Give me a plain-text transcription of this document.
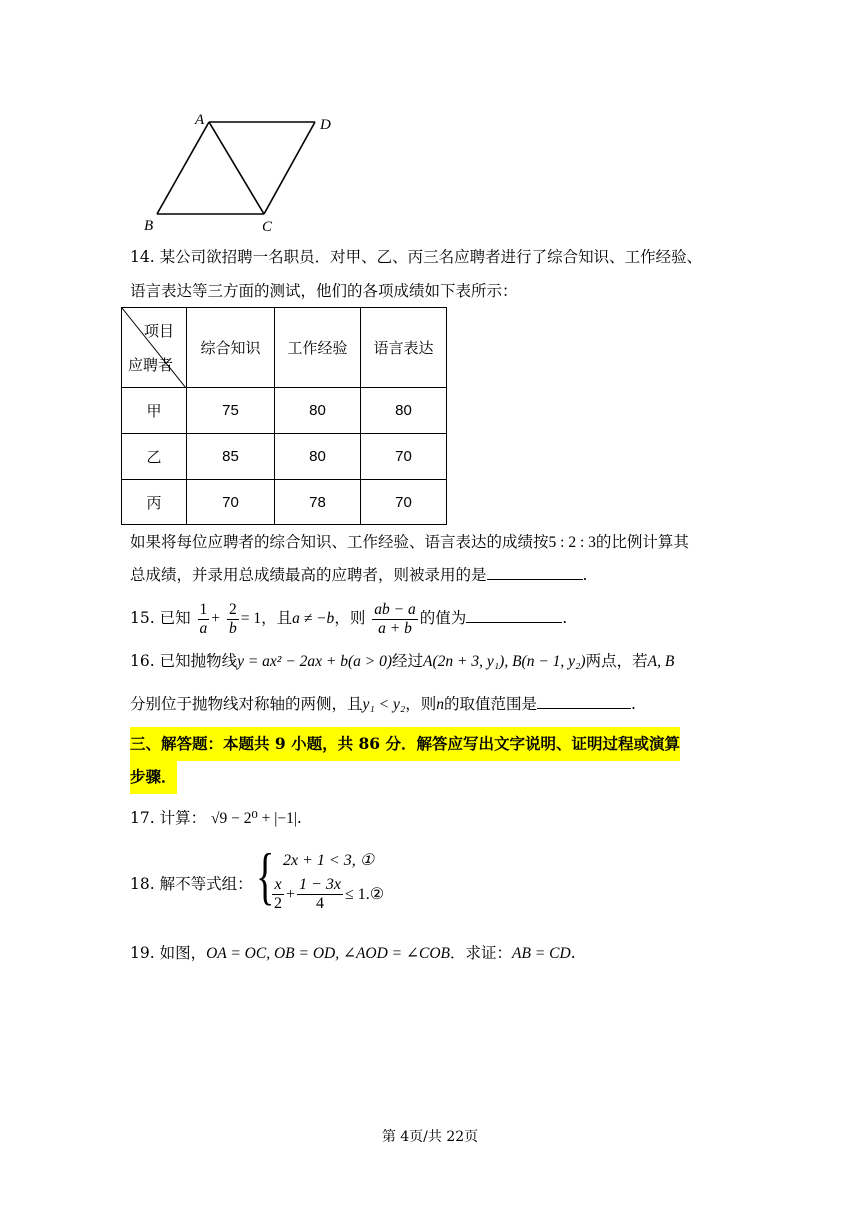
A	D
B	C
14. 某公司欲招聘一名职员．对甲、乙、丙三名应聘者进行了综合知识、工作经验、
语言表达等三方面的测试，他们的各项成绩如下表所示：
项目
应聘者	综合知识	工作经验	语言表达
甲	75	80	80
乙	85	80	70
丙	70	78	70
如果将每位应聘者的综合知识、工作经验、语言表达的成绩按5 : 2 : 3的比例计算其
总成绩，并录用总成绩最高的应聘者，则被录用的是	.
15. 已知 $\frac{1}{a} + \frac{2}{b} = 1$，且a ≠ −b，则 $\frac{ab - a}{a + b}$ 的值为	.
16. 已知抛物线y = ax² − 2ax + b(a > 0)经过A(2n + 3, y₁), B(n − 1, y₂)两点，若A, B
分别位于抛物线对称轴的两侧，且y₁ < y₂，则n的取值范围是	.
三、解答题：本题共 9 小题，共 86 分．解答应写出文字说明、证明过程或演算
步骤．
17. 计算： √9 − 2⁰ + |−1|.
18. 解不等式组： { 2x + 1 < 3, ①
$\frac{x}{2} + \frac{1 - 3x}{4}$ ≤ 1.②
19. 如图，OA = OC, OB = OD, ∠AOD = ∠COB．求证：AB = CD.
第 4页/共 22页
